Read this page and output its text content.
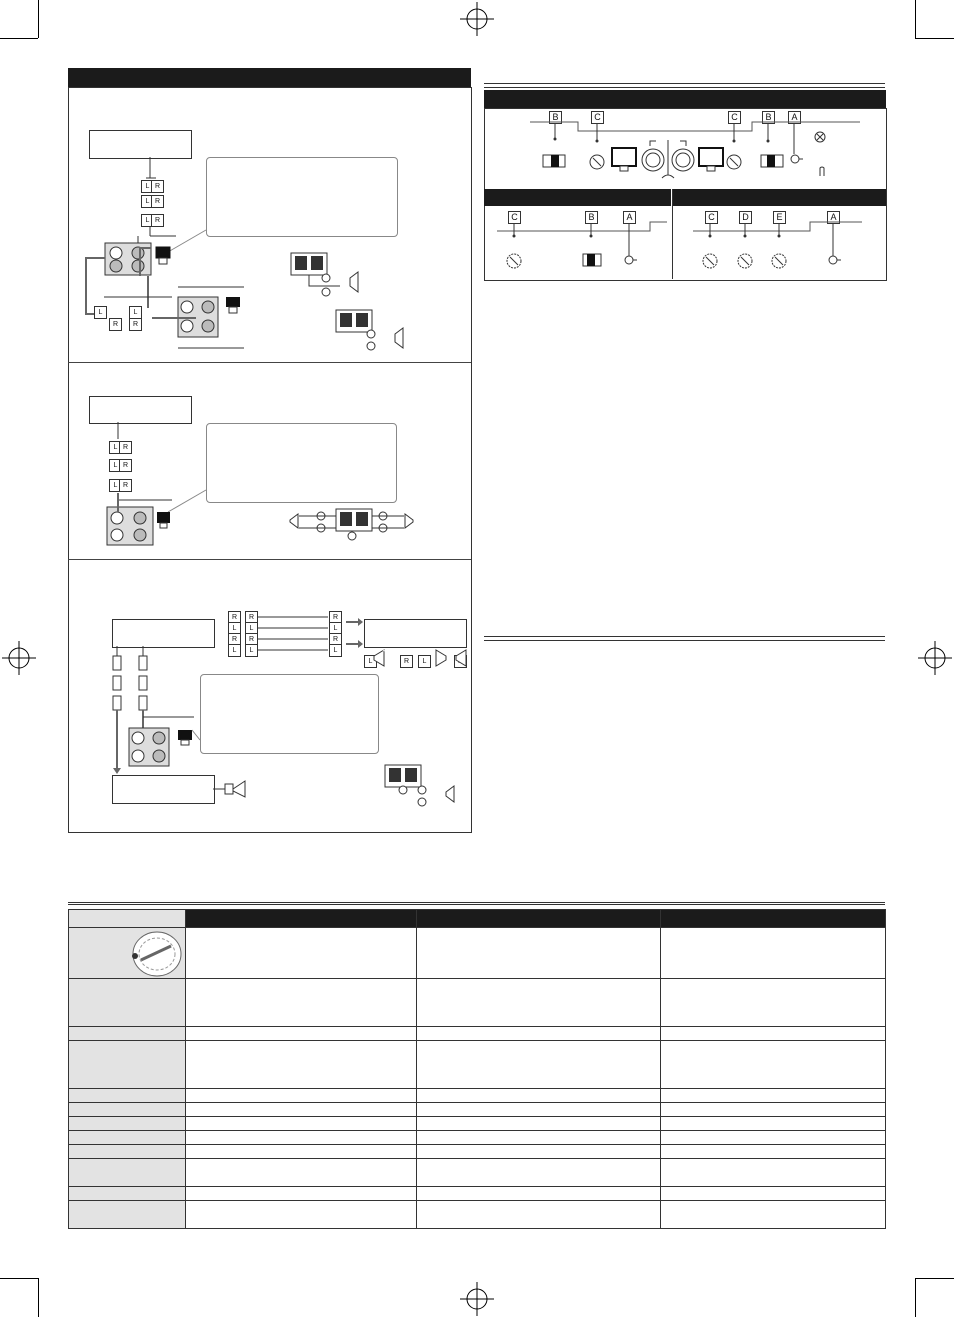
L R
L R
L R
L	L
R	R
L R
L R
L R
R	R
L	L
R	R
L	L
R
L
R
L
L	R	L
B	C	C	B	A
C	B	A	C	D	E	A
